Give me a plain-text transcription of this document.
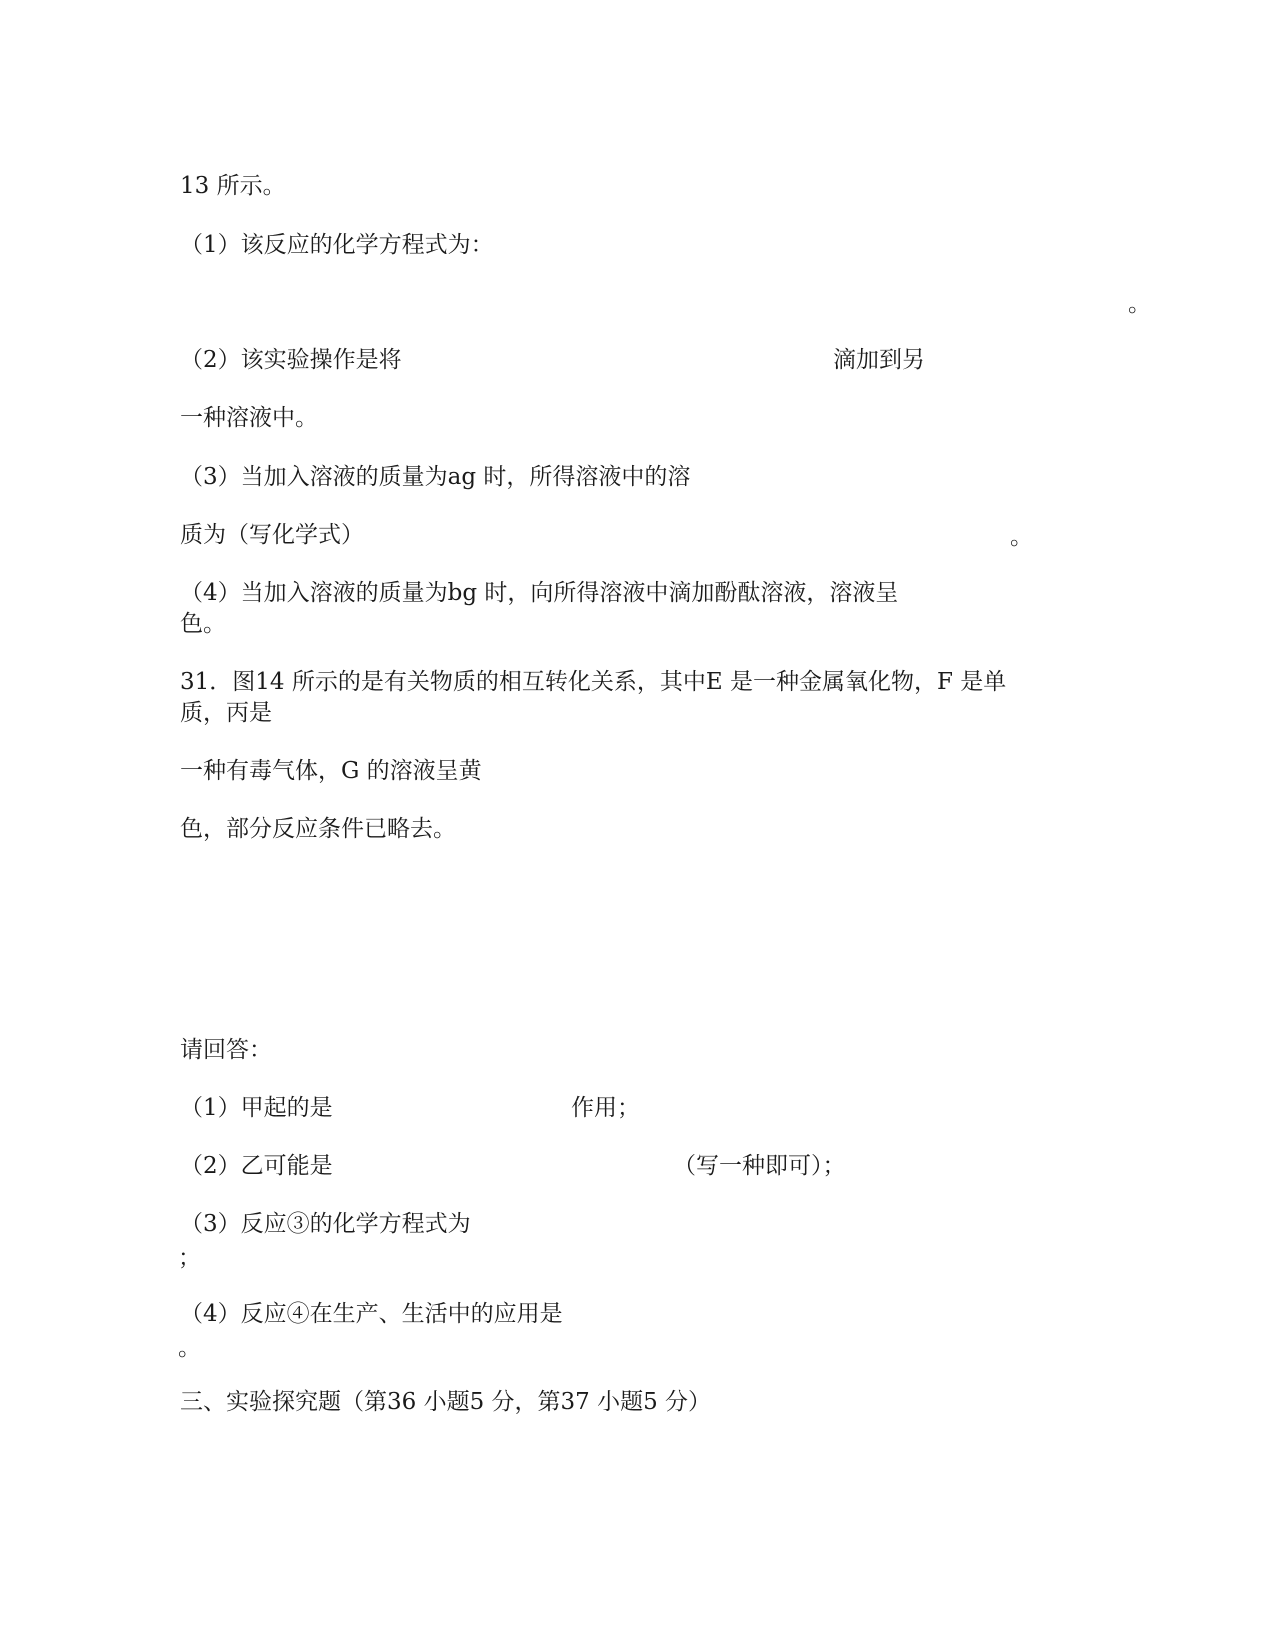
13 所示。
（1）该反应的化学方程式为：
。
（2）该实验操作是将	滴加到另
一种溶液中。
（3）当加入溶液的质量为ag 时，所得溶液中的溶
质为（写化学式）	。
（4）当加入溶液的质量为bg 时，向所得溶液中滴加酚酞溶液，溶液呈
色。
31．图14 所示的是有关物质的相互转化关系，其中E 是一种金属氧化物，F 是单
质，丙是
一种有毒气体，G 的溶液呈黄
色，部分反应条件已略去。
请回答：
（1）甲起的是	作用；
（2）乙可能是	（写一种即可）；
（3）反应③的化学方程式为
；
（4）反应④在生产、生活中的应用是
。
三、实验探究题（第36 小题5 分，第37 小题5 分）
